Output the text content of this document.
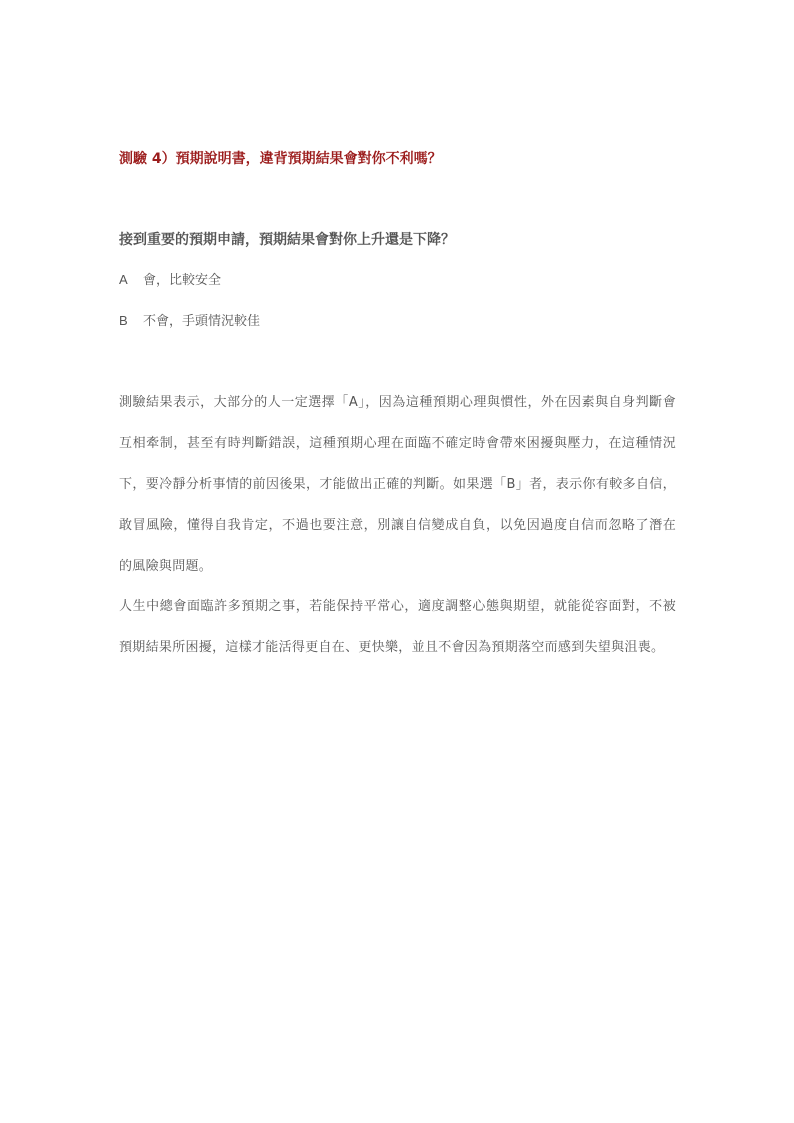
測驗 4）預期說明書，違背預期結果會對你不利嗎？
接到重要的預期申請，預期結果會對你上升還是下降？
A 會，比較安全
B 不會，手頭情況較佳
測驗結果表示，大部分的人一定選擇「A」，因為這種預期心理與慣性，外在因素與自身判斷會互相牽制，甚至有時判斷錯誤，這種預期心理在面臨不確定時會帶來困擾與壓力，在這種情況下，要冷靜分析事情的前因後果，才能做出正確的判斷。如果選「B」者，表示你有較多自信，敢冒風險，懂得自我肯定，不過也要注意，別讓自信變成自負，以免因過度自信而忽略了潛在的風險與問題。
人生中總會面臨許多預期之事，若能保持平常心，適度調整心態與期望，就能從容面對，不被預期結果所困擾，這樣才能活得更自在、更快樂，並且不會因為預期落空而感到失望與沮喪。
